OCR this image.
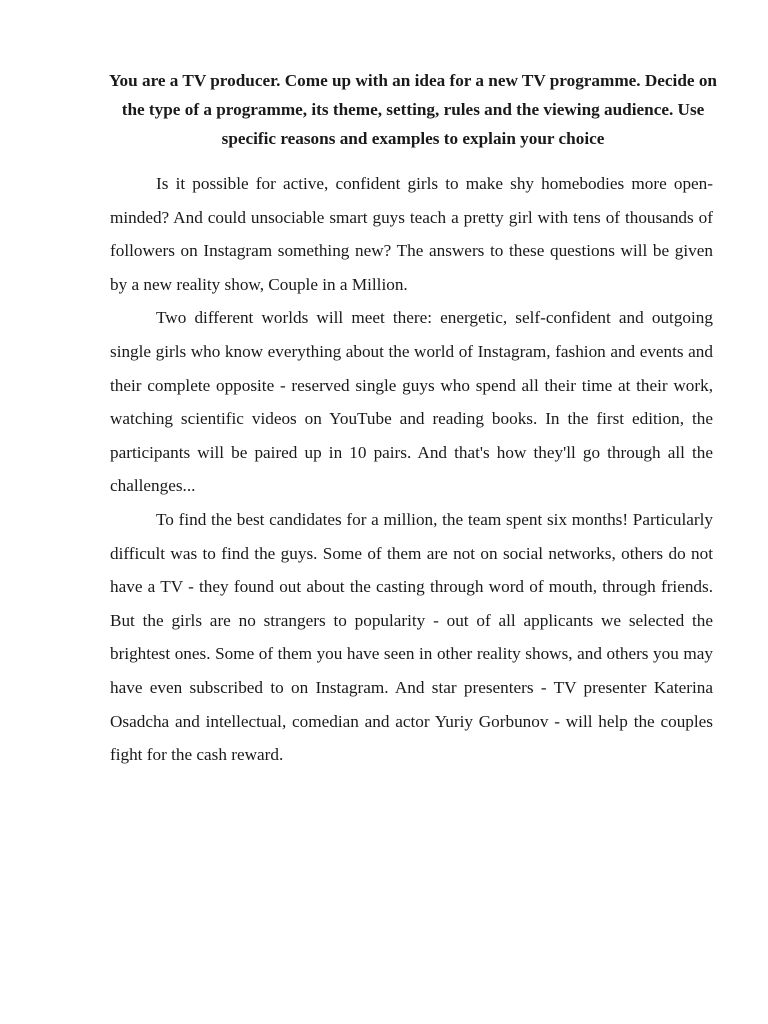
You are a TV producer. Come up with an idea for a new TV programme. Decide on the type of a programme, its theme, setting, rules and the viewing audience. Use specific reasons and examples to explain your choice

Is it possible for active, confident girls to make shy homebodies more open-minded? And could unsociable smart guys teach a pretty girl with tens of thousands of followers on Instagram something new? The answers to these questions will be given by a new reality show, Couple in a Million.

Two different worlds will meet there: energetic, self-confident and outgoing single girls who know everything about the world of Instagram, fashion and events and their complete opposite - reserved single guys who spend all their time at their work, watching scientific videos on YouTube and reading books. In the first edition, the participants will be paired up in 10 pairs. And that's how they'll go through all the challenges...

To find the best candidates for a million, the team spent six months! Particularly difficult was to find the guys. Some of them are not on social networks, others do not have a TV - they found out about the casting through word of mouth, through friends. But the girls are no strangers to popularity - out of all applicants we selected the brightest ones. Some of them you have seen in other reality shows, and others you may have even subscribed to on Instagram. And star presenters - TV presenter Katerina Osadcha and intellectual, comedian and actor Yuriy Gorbunov - will help the couples fight for the cash reward.
